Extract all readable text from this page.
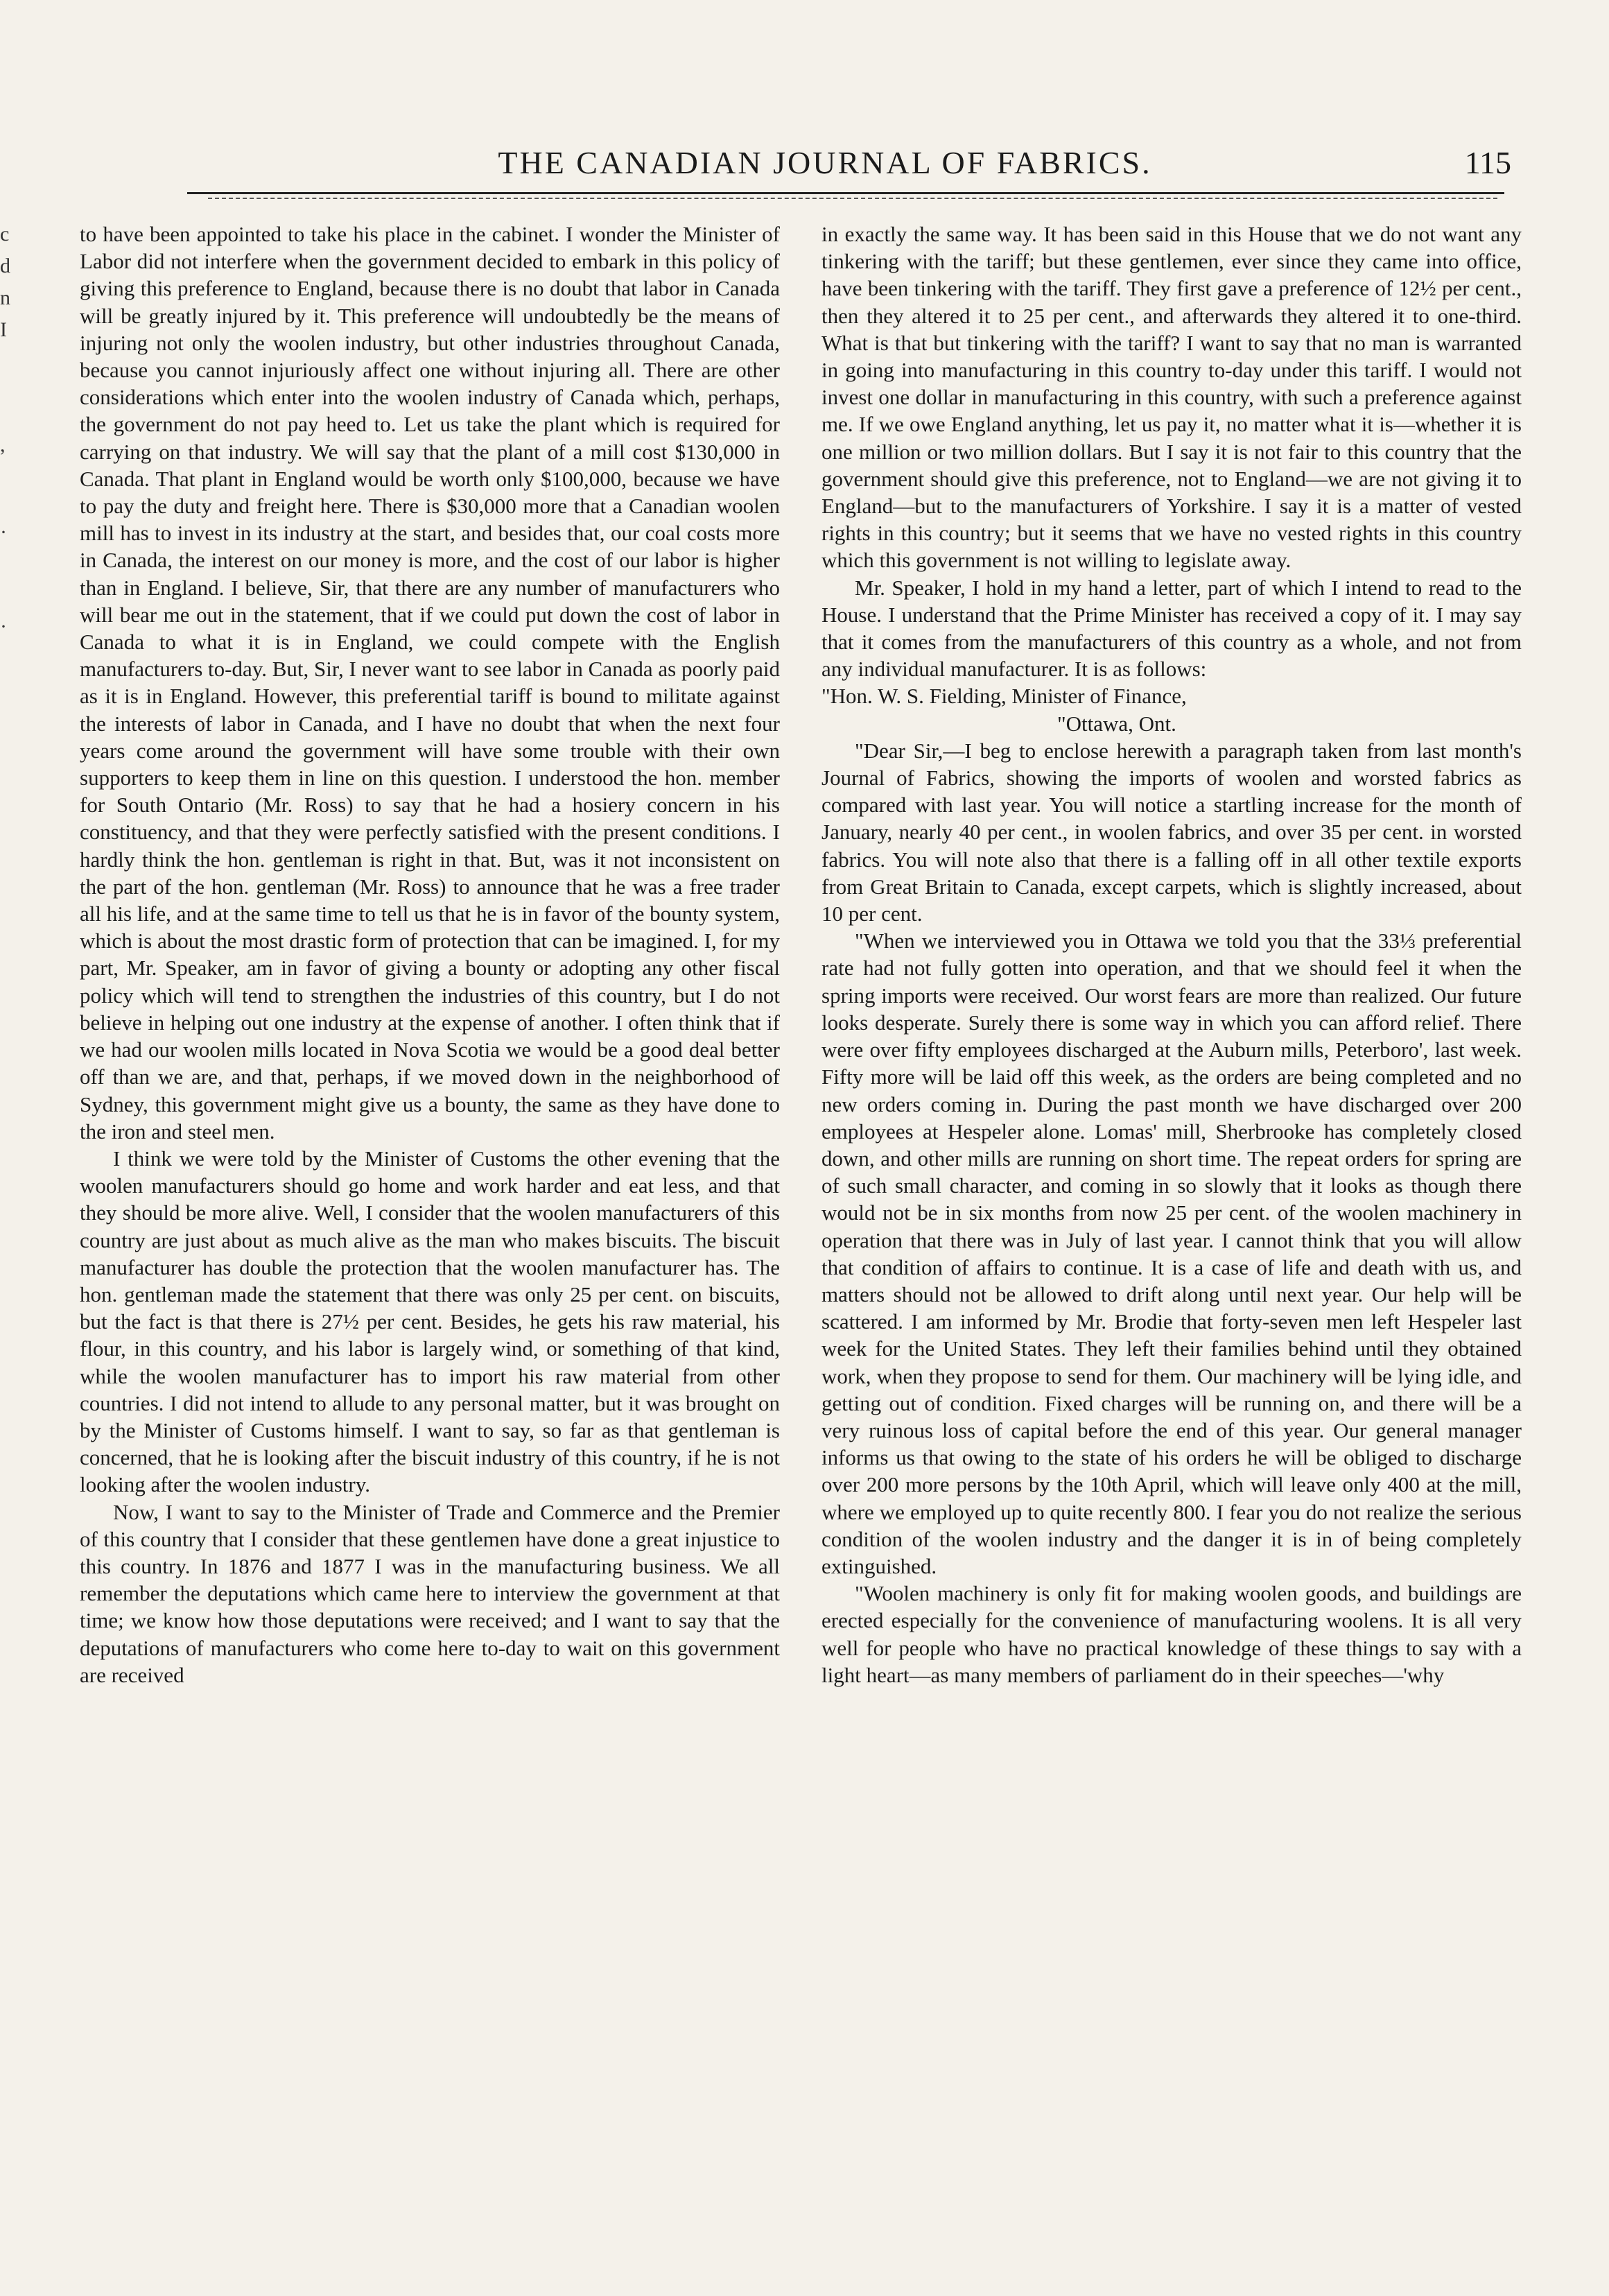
THE CANADIAN JOURNAL OF FABRICS.	115
c
d
n
I
,
·
·

to have been appointed to take his place in the cabinet. I wonder the Minister of Labor did not interfere when the government decided to embark in this policy of giving this preference to England, because there is no doubt that labor in Canada will be greatly injured by it. This preference will undoubtedly be the means of injuring not only the woolen industry, but other industries throughout Canada, because you cannot injuriously affect one without injuring all. There are other considerations which enter into the woolen industry of Canada which, perhaps, the government do not pay heed to. Let us take the plant which is required for carrying on that industry. We will say that the plant of a mill cost $130,000 in Canada. That plant in England would be worth only $100,000, because we have to pay the duty and freight here. There is $30,000 more that a Canadian woolen mill has to invest in its industry at the start, and besides that, our coal costs more in Canada, the interest on our money is more, and the cost of our labor is higher than in England. I believe, Sir, that there are any number of manufacturers who will bear me out in the statement, that if we could put down the cost of labor in Canada to what it is in England, we could compete with the English manufacturers to-day. But, Sir, I never want to see labor in Canada as poorly paid as it is in England. However, this preferential tariff is bound to militate against the interests of labor in Canada, and I have no doubt that when the next four years come around the government will have some trouble with their own supporters to keep them in line on this question. I understood the hon. member for South Ontario (Mr. Ross) to say that he had a hosiery concern in his constituency, and that they were perfectly satisfied with the present conditions. I hardly think the hon. gentleman is right in that. But, was it not inconsistent on the part of the hon. gentleman (Mr. Ross) to announce that he was a free trader all his life, and at the same time to tell us that he is in favor of the bounty system, which is about the most drastic form of protection that can be imagined. I, for my part, Mr. Speaker, am in favor of giving a bounty or adopting any other fiscal policy which will tend to strengthen the industries of this country, but I do not believe in helping out one industry at the expense of another. I often think that if we had our woolen mills located in Nova Scotia we would be a good deal better off than we are, and that, perhaps, if we moved down in the neighborhood of Sydney, this government might give us a bounty, the same as they have done to the iron and steel men.

I think we were told by the Minister of Customs the other evening that the woolen manufacturers should go home and work harder and eat less, and that they should be more alive. Well, I consider that the woolen manufacturers of this country are just about as much alive as the man who makes biscuits. The biscuit manufacturer has double the protection that the woolen manufacturer has. The hon. gentleman made the statement that there was only 25 per cent. on biscuits, but the fact is that there is 27½ per cent. Besides, he gets his raw material, his flour, in this country, and his labor is largely wind, or something of that kind, while the woolen manufacturer has to import his raw material from other countries. I did not intend to allude to any personal matter, but it was brought on by the Minister of Customs himself. I want to say, so far as that gentleman is concerned, that he is looking after the biscuit industry of this country, if he is not looking after the woolen industry.

Now, I want to say to the Minister of Trade and Commerce and the Premier of this country that I consider that these gentlemen have done a great injustice to this country. In 1876 and 1877 I was in the manufacturing business. We all remember the deputations which came here to interview the government at that time; we know how those deputations were received; and I want to say that the deputations of manufacturers who come here to-day to wait on this government are received

in exactly the same way. It has been said in this House that we do not want any tinkering with the tariff; but these gentlemen, ever since they came into office, have been tinkering with the tariff. They first gave a preference of 12½ per cent., then they altered it to 25 per cent., and afterwards they altered it to one-third. What is that but tinkering with the tariff? I want to say that no man is warranted in going into manufacturing in this country to-day under this tariff. I would not invest one dollar in manufacturing in this country, with such a preference against me. If we owe England anything, let us pay it, no matter what it is—whether it is one million or two million dollars. But I say it is not fair to this country that the government should give this preference, not to England—we are not giving it to England—but to the manufacturers of Yorkshire. I say it is a matter of vested rights in this country; but it seems that we have no vested rights in this country which this government is not willing to legislate away.

Mr. Speaker, I hold in my hand a letter, part of which I intend to read to the House. I understand that the Prime Minister has received a copy of it. I may say that it comes from the manufacturers of this country as a whole, and not from any individual manufacturer. It is as follows:

"Hon. W. S. Fielding, Minister of Finance,

"Ottawa, Ont.

"Dear Sir,—I beg to enclose herewith a paragraph taken from last month's Journal of Fabrics, showing the imports of woolen and worsted fabrics as compared with last year. You will notice a startling increase for the month of January, nearly 40 per cent., in woolen fabrics, and over 35 per cent. in worsted fabrics. You will note also that there is a falling off in all other textile exports from Great Britain to Canada, except carpets, which is slightly increased, about 10 per cent.

"When we interviewed you in Ottawa we told you that the 33⅓ preferential rate had not fully gotten into operation, and that we should feel it when the spring imports were received. Our worst fears are more than realized. Our future looks desperate. Surely there is some way in which you can afford relief. There were over fifty employees discharged at the Auburn mills, Peterboro', last week. Fifty more will be laid off this week, as the orders are being completed and no new orders coming in. During the past month we have discharged over 200 employees at Hespeler alone. Lomas' mill, Sherbrooke has completely closed down, and other mills are running on short time. The repeat orders for spring are of such small character, and coming in so slowly that it looks as though there would not be in six months from now 25 per cent. of the woolen machinery in operation that there was in July of last year. I cannot think that you will allow that condition of affairs to continue. It is a case of life and death with us, and matters should not be allowed to drift along until next year. Our help will be scattered. I am informed by Mr. Brodie that forty-seven men left Hespeler last week for the United States. They left their families behind until they obtained work, when they propose to send for them. Our machinery will be lying idle, and getting out of condition. Fixed charges will be running on, and there will be a very ruinous loss of capital before the end of this year. Our general manager informs us that owing to the state of his orders he will be obliged to discharge over 200 more persons by the 10th April, which will leave only 400 at the mill, where we employed up to quite recently 800. I fear you do not realize the serious condition of the woolen industry and the danger it is in of being completely extinguished.

"Woolen machinery is only fit for making woolen goods, and buildings are erected especially for the convenience of manufacturing woolens. It is all very well for people who have no practical knowledge of these things to say with a light heart—as many members of parliament do in their speeches—'why
